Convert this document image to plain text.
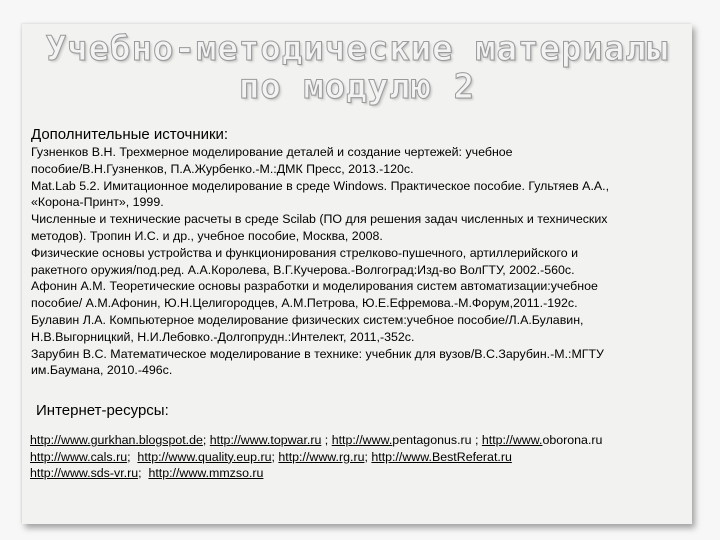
Учебно-методические материалы
по модулю 2
Дополнительные источники:

Гузненков В.Н. Трехмерное моделирование деталей и создание чертежей: учебное

пособие/В.Н.Гузненков, П.А.Журбенко.-М.:ДМК Пресс, 2013.-120с.

Mat.Lab 5.2. Имитационное моделирование в среде Windows. Практическое пособие. Гультяев А.А.,

«Корона-Принт», 1999.

Численные и технические расчеты в среде Scilab (ПО для решения задач численных и технических

методов). Тропин И.С. и др., учебное пособие, Москва, 2008.

Физические основы устройства и функционирования стрелково-пушечного, артиллерийского и

ракетного оружия/под.ред. А.А.Королева, В.Г.Кучерова.-Волгоград:Изд-во ВолГТУ, 2002.-560с.

Афонин А.М. Теоретические основы разработки и моделирования систем автоматизации:учебное

пособие/ А.М.Афонин, Ю.Н.Целигородцев, А.М.Петрова, Ю.Е.Ефремова.-М.Форум,2011.-192с.

Булавин Л.А. Компьютерное моделирование физических систем:учебное пособие/Л.А.Булавин,

Н.В.Выгорницкий, Н.И.Лебовко.-Долгопрудн.:Интелект, 2011,-352с.

Зарубин В.С. Математическое моделирование в технике: учебник для вузов/В.С.Зарубин.-М.:МГТУ

им.Баумана, 2010.-496с.

Интернет-ресурсы:
http://www.gurkhan.blogspot.de; http://www.topwar.ru ; http://www.pentagonus.ru ; http://www.oborona.ru
http://www.cals.ru;  http://www.quality.eup.ru; http://www.rg.ru; http://www.BestReferat.ru
http://www.sds-vr.ru;  http://www.mmzso.ru
